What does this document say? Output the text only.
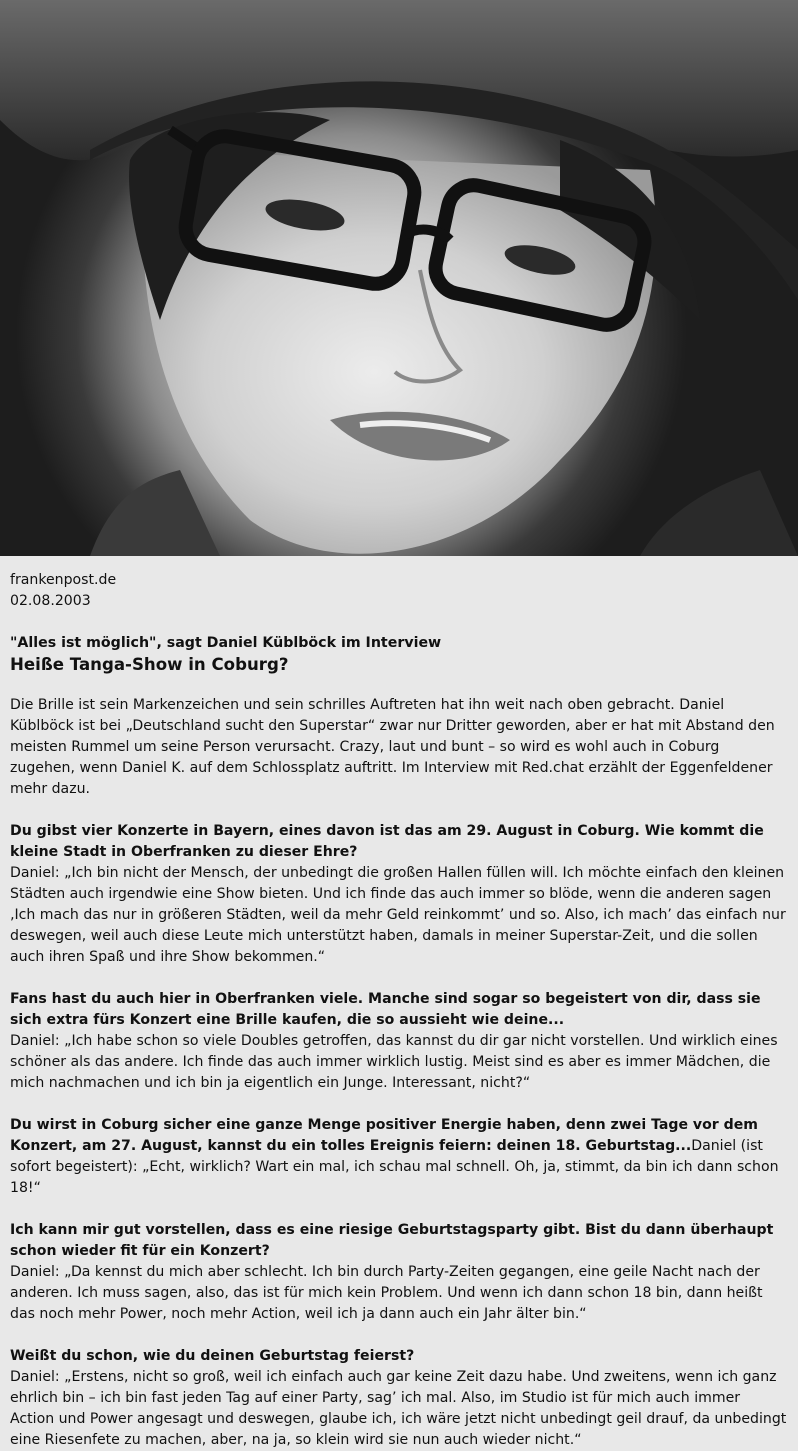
frankenpost.de

02.08.2003

"Alles ist möglich", sagt Daniel Küblböck im Interview
Heiße Tanga-Show in Coburg?

Die Brille ist sein Markenzeichen und sein schrilles Auftreten hat ihn weit nach oben gebracht. Daniel Küblböck ist bei „Deutschland sucht den Superstar“ zwar nur Dritter geworden, aber er hat mit Abstand den meisten Rummel um seine Person verursacht. Crazy, laut und bunt – so wird es wohl auch in Coburg zugehen, wenn Daniel K. auf dem Schlossplatz auftritt. Im Interview mit Red.chat erzählt der Eggenfeldener mehr dazu.

Du gibst vier Konzerte in Bayern, eines davon ist das am 29. August in Coburg. Wie kommt die kleine Stadt in Oberfranken zu dieser Ehre?
Daniel: „Ich bin nicht der Mensch, der unbedingt die großen Hallen füllen will. Ich möchte einfach den kleinen Städten auch irgendwie eine Show bieten. Und ich finde das auch immer so blöde, wenn die anderen sagen ‚Ich mach das nur in größeren Städten, weil da mehr Geld reinkommt’ und so. Also, ich mach’ das einfach nur deswegen, weil auch diese Leute mich unterstützt haben, damals in meiner Superstar-Zeit, und die sollen auch ihren Spaß und ihre Show bekommen.“
Fans hast du auch hier in Oberfranken viele. Manche sind sogar so begeistert von dir, dass sie sich extra fürs Konzert eine Brille kaufen, die so aussieht wie deine...
Daniel: „Ich habe schon so viele Doubles getroffen, das kannst du dir gar nicht vorstellen. Und wirklich eines schöner als das andere. Ich finde das auch immer wirklich lustig. Meist sind es aber es immer Mädchen, die mich nachmachen und ich bin ja eigentlich ein Junge. Interessant, nicht?“
Du wirst in Coburg sicher eine ganze Menge positiver Energie haben, denn zwei Tage vor dem Konzert, am 27. August, kannst du ein tolles Ereignis feiern: deinen 18. Geburtstag...Daniel (ist sofort begeistert): „Echt, wirklich? Wart ein mal, ich schau mal schnell. Oh, ja, stimmt, da bin ich dann schon 18!“
Ich kann mir gut vorstellen, dass es eine riesige Geburtstagsparty gibt. Bist du dann überhaupt schon wieder fit für ein Konzert?
Daniel: „Da kennst du mich aber schlecht. Ich bin durch Party-Zeiten gegangen, eine geile Nacht nach der anderen. Ich muss sagen, also, das ist für mich kein Problem. Und wenn ich dann schon 18 bin, dann heißt das noch mehr Power, noch mehr Action, weil ich ja dann auch ein Jahr älter bin.“
Weißt du schon, wie du deinen Geburtstag feierst?
Daniel: „Erstens, nicht so groß, weil ich einfach auch gar keine Zeit dazu habe. Und zweitens, wenn ich ganz ehrlich bin – ich bin fast jeden Tag auf einer Party, sag’ ich mal. Also, im Studio ist für mich auch immer Action und Power angesagt und deswegen, glaube ich, ich wäre jetzt nicht unbedingt geil drauf, da unbedingt eine Riesenfete zu machen, aber, na ja, so klein wird sie nun auch wieder nicht.“
